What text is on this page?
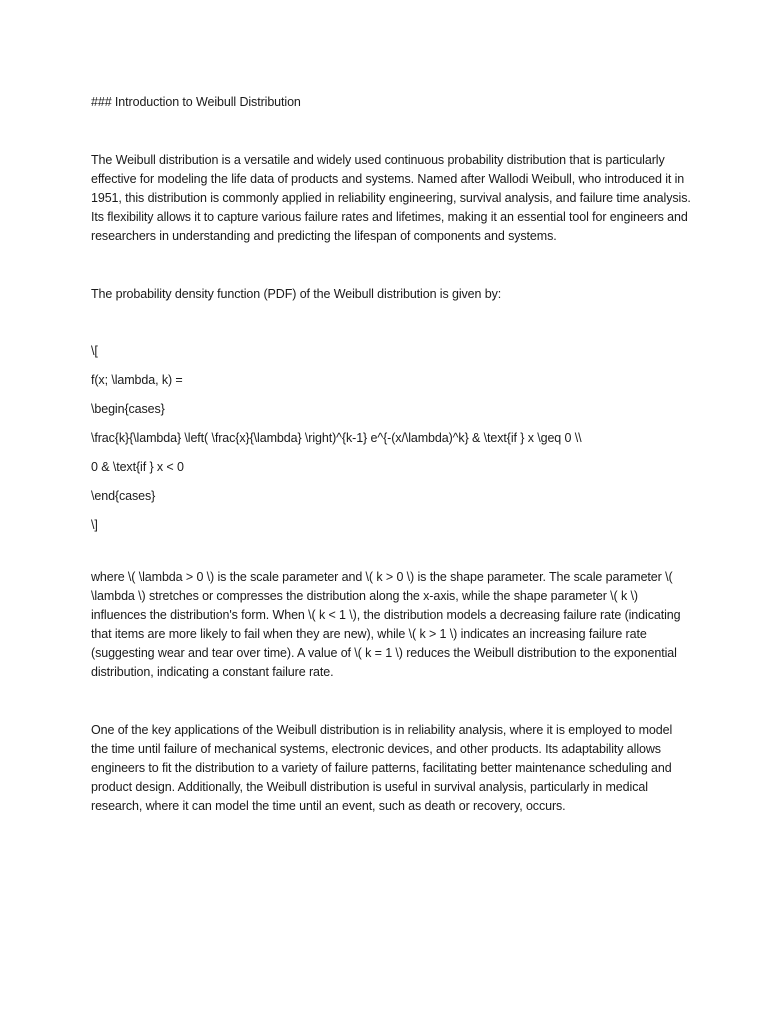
### Introduction to Weibull Distribution

The Weibull distribution is a versatile and widely used continuous probability distribution that is particularly effective for modeling the life data of products and systems. Named after Wallodi Weibull, who introduced it in 1951, this distribution is commonly applied in reliability engineering, survival analysis, and failure time analysis. Its flexibility allows it to capture various failure rates and lifetimes, making it an essential tool for engineers and researchers in understanding and predicting the lifespan of components and systems.

The probability density function (PDF) of the Weibull distribution is given by:

\[

f(x; \lambda, k) =

\begin{cases}

\frac{k}{\lambda} \left( \frac{x}{\lambda} \right)^{k-1} e^{-(x/\lambda)^k} & \text{if } x \geq 0 \\

0 & \text{if } x < 0

\end{cases}

\]

where \( \lambda > 0 \) is the scale parameter and \( k > 0 \) is the shape parameter. The scale parameter \( \lambda \) stretches or compresses the distribution along the x-axis, while the shape parameter \( k \) influences the distribution's form. When \( k < 1 \), the distribution models a decreasing failure rate (indicating that items are more likely to fail when they are new), while \( k > 1 \) indicates an increasing failure rate (suggesting wear and tear over time). A value of \( k = 1 \) reduces the Weibull distribution to the exponential distribution, indicating a constant failure rate.

One of the key applications of the Weibull distribution is in reliability analysis, where it is employed to model the time until failure of mechanical systems, electronic devices, and other products. Its adaptability allows engineers to fit the distribution to a variety of failure patterns, facilitating better maintenance scheduling and product design. Additionally, the Weibull distribution is useful in survival analysis, particularly in medical research, where it can model the time until an event, such as death or recovery, occurs.
